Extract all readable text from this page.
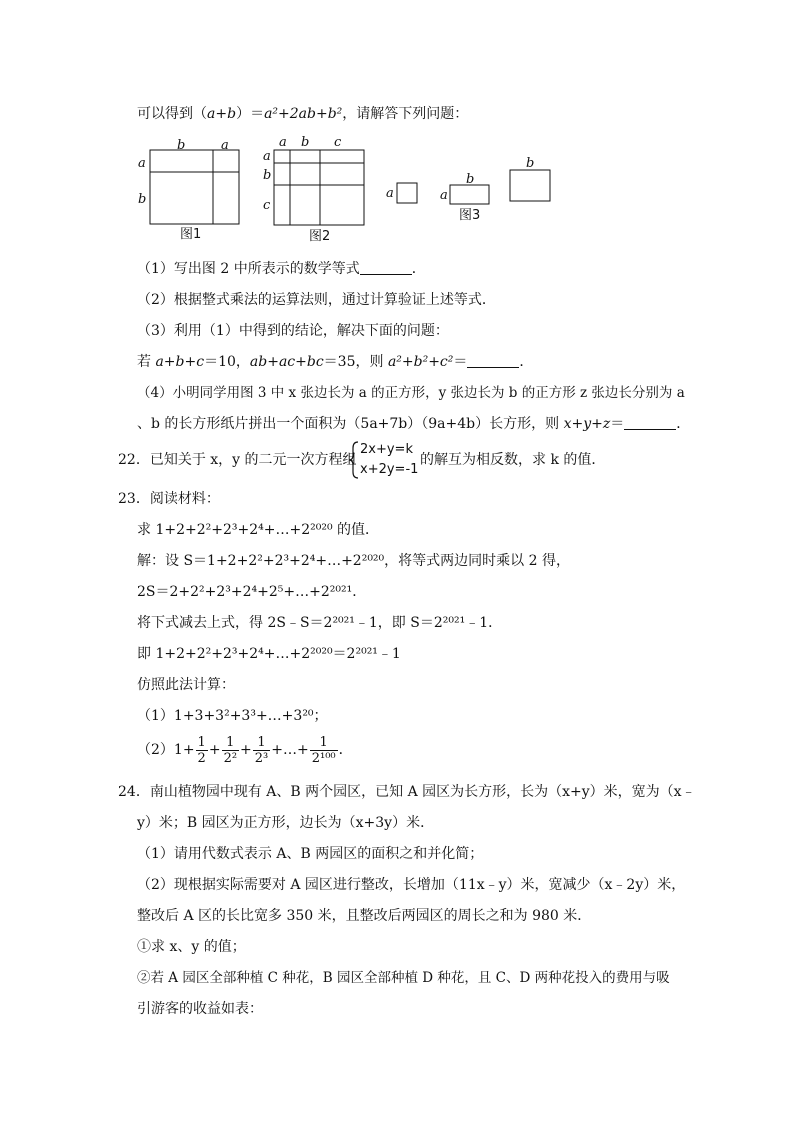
可以得到（a+b）＝a²+2ab+b²，请解答下列问题：
b	a
a
b
图1
a b c
a
b
c
图2
a	a
b
b
图3
（1）写出图 2 中所表示的数学等式	．
（2）根据整式乘法的运算法则，通过计算验证上述等式．
（3）利用（1）中得到的结论，解决下面的问题：
若 a+b+c＝10，ab+ac+bc＝35，则 a²+b²+c²＝	．
（4）小明同学用图 3 中 x 张边长为 a 的正方形，y 张边长为 b 的正方形 z 张边长分别为 a
、b 的长方形纸片拼出一个面积为（5a+7b）（9a+4b）长方形，则 x+y+z＝	．
22．已知关于 x，y 的二元一次方程组
2x+y=k
x+2y=-1
的解互为相反数，求 k 的值．
23．阅读材料：
求 1+2+2²+2³+2⁴+…+2²⁰²⁰ 的值．
解：设 S＝1+2+2²+2³+2⁴+…+2²⁰²⁰，将等式两边同时乘以 2 得，
2S＝2+2²+2³+2⁴+2⁵+…+2²⁰²¹．
将下式减去上式，得 2S﹣S＝2²⁰²¹﹣1，即 S＝2²⁰²¹﹣1．
即 1+2+2²+2³+2⁴+…+2²⁰²⁰＝2²⁰²¹﹣1
仿照此法计算：
（1）1+3+3²+3³+…+3²⁰；
$(2)1+ \frac{1}{2} + \frac{1}{\text{2²}} + \frac{1}{\text{2³}}$ +…+ $\frac{1}{\text{2¹⁰⁰}}$ ．
24．南山植物园中现有 A、B 两个园区，已知 A 园区为长方形，长为（x+y）米，宽为（x﹣
y）米；B 园区为正方形，边长为（x+3y）米．
（1）请用代数式表示 A、B 两园区的面积之和并化简；
（2）现根据实际需要对 A 园区进行整改，长增加（11x﹣y）米，宽减少（x﹣2y）米，
整改后 A 区的长比宽多 350 米，且整改后两园区的周长之和为 980 米．
①求 x、y 的值；
②若 A 园区全部种植 C 种花，B 园区全部种植 D 种花，且 C、D 两种花投入的费用与吸
引游客的收益如表：
